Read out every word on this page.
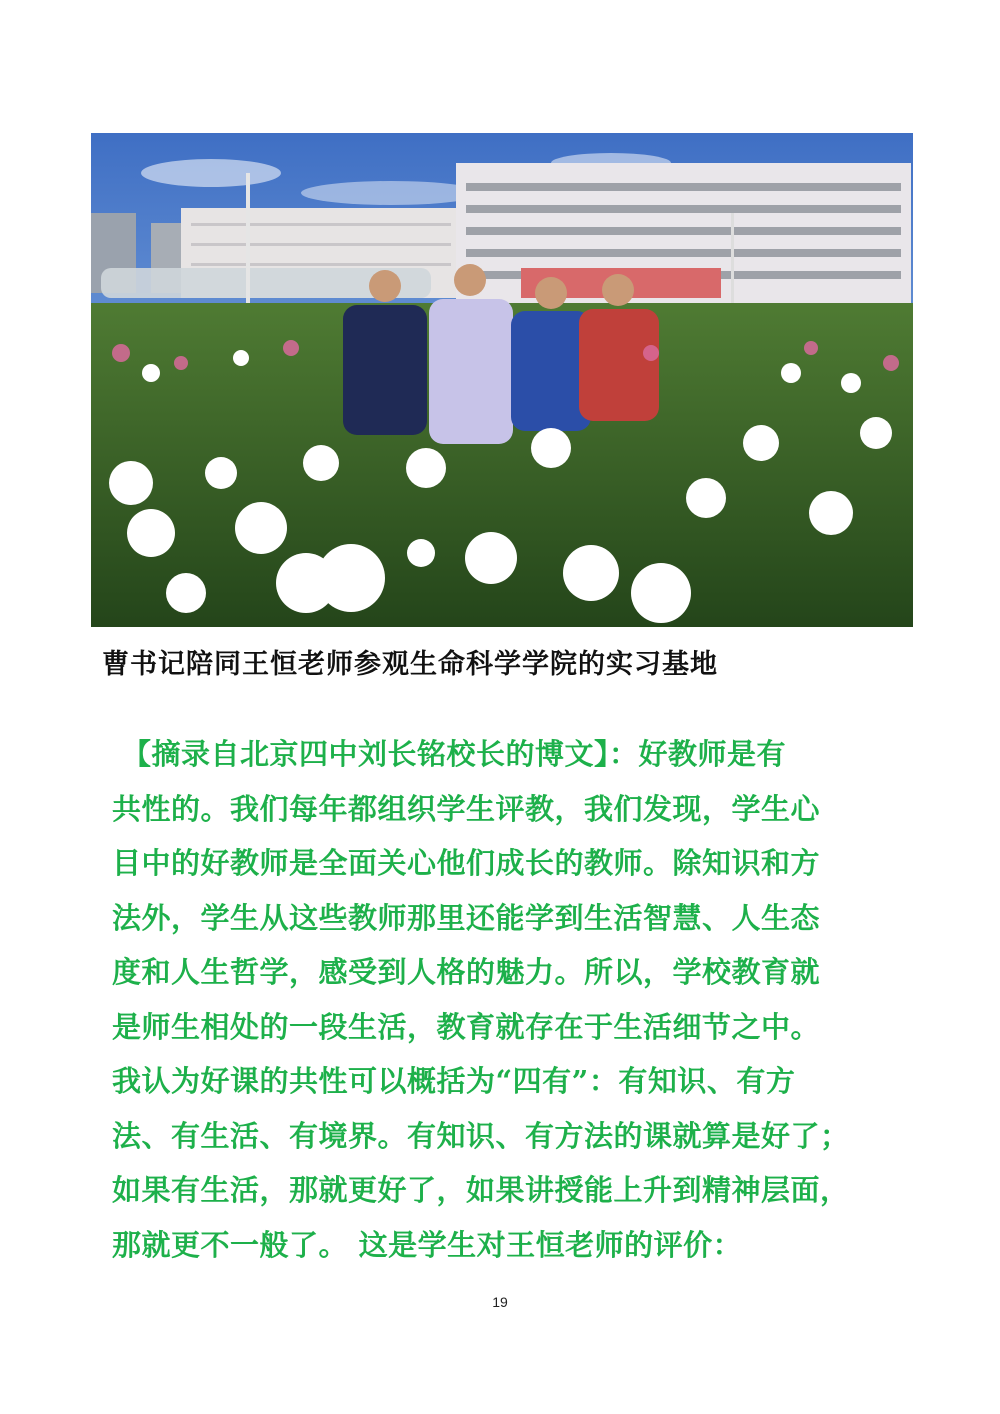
曹书记陪同王恒老师参观生命科学学院的实习基地
【摘录自北京四中刘长铭校长的博文】：好教师是有
共性的。我们每年都组织学生评教，我们发现，学生心
目中的好教师是全面关心他们成长的教师。除知识和方
法外，学生从这些教师那里还能学到生活智慧、人生态
度和人生哲学，感受到人格的魅力。所以，学校教育就
是师生相处的一段生活，教育就存在于生活细节之中。
我认为好课的共性可以概括为“四有”：有知识、有方
法、有生活、有境界。有知识、有方法的课就算是好了；
如果有生活，那就更好了，如果讲授能上升到精神层面，
那就更不一般了。 这是学生对王恒老师的评价：
19
